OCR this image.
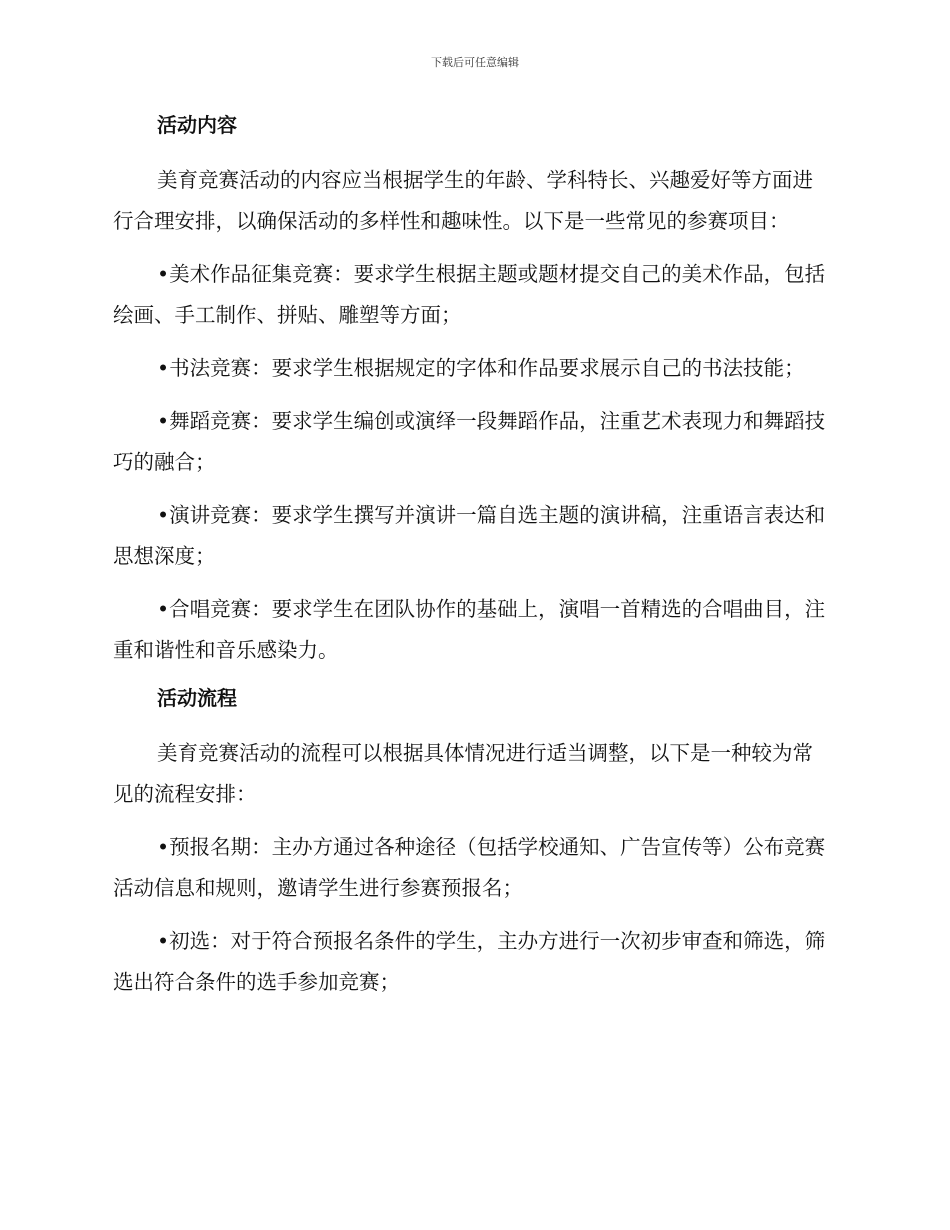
下载后可任意编辑
活动内容

美育竞赛活动的内容应当根据学生的年龄、学科特长、兴趣爱好等方面进行合理安排，以确保活动的多样性和趣味性。以下是一些常见的参赛项目：

•美术作品征集竞赛：要求学生根据主题或题材提交自己的美术作品，包括绘画、手工制作、拼贴、雕塑等方面；

•书法竞赛：要求学生根据规定的字体和作品要求展示自己的书法技能；

•舞蹈竞赛：要求学生编创或演绎一段舞蹈作品，注重艺术表现力和舞蹈技巧的融合；

•演讲竞赛：要求学生撰写并演讲一篇自选主题的演讲稿，注重语言表达和思想深度；

•合唱竞赛：要求学生在团队协作的基础上，演唱一首精选的合唱曲目，注重和谐性和音乐感染力。

活动流程

美育竞赛活动的流程可以根据具体情况进行适当调整，以下是一种较为常见的流程安排：

•预报名期：主办方通过各种途径（包括学校通知、广告宣传等）公布竞赛活动信息和规则，邀请学生进行参赛预报名；

•初选：对于符合预报名条件的学生，主办方进行一次初步审查和筛选，筛选出符合条件的选手参加竞赛；
